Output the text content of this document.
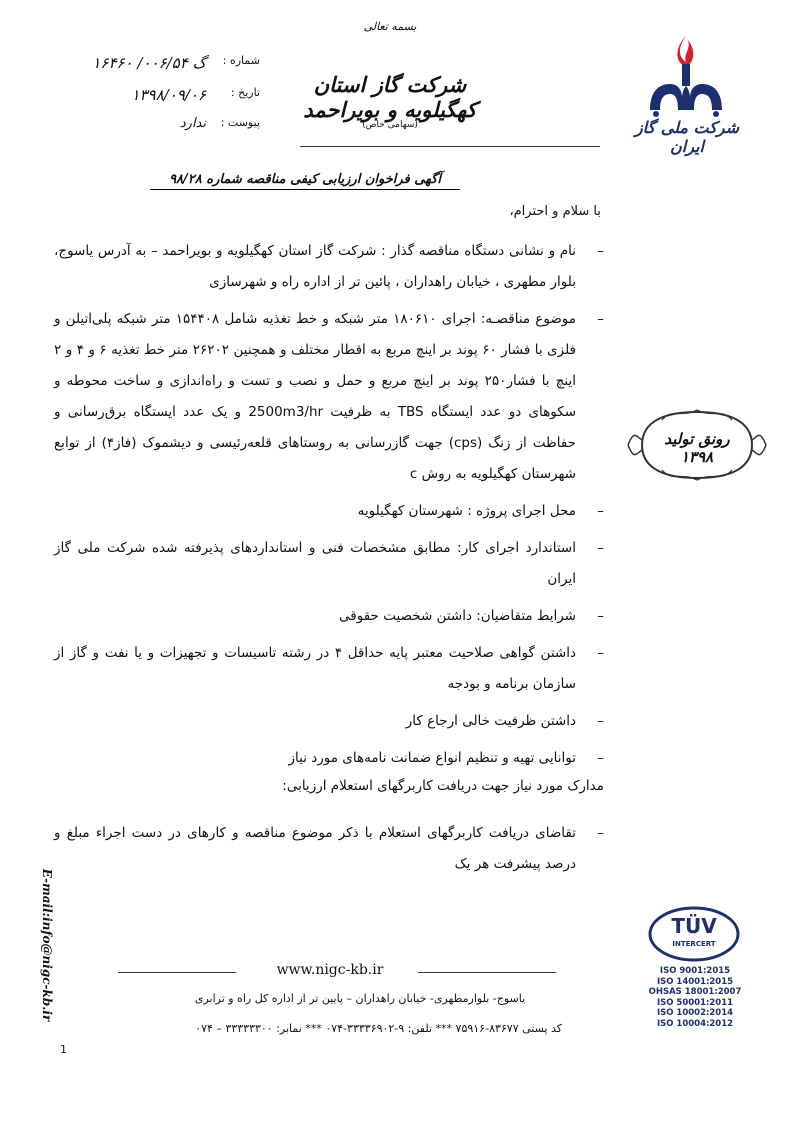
بسمه تعالی
شرکت گاز استان کهگیلویه و بویراحمد
(سهامی خاص)
شماره :
گ ۰۰۶/۵۴/ ۱۶۴۶۰
تاریخ :
۱۳۹۸/۰۹/۰۶
پیوست :
ندارد	شرکت ملی گاز ایران
آگهی فراخوان ارزیابی کیفی مناقصه شماره ۹۸/۲۸
با سلام و احترام،
–
نام و نشانی دستگاه مناقصه گذار : شرکت گاز استان کهگیلویه و بویراحمد – به آدرس یاسوج، بلوار مطهری ، خیابان راهداران ، پائین تر از اداره راه و شهرسازی
–
موضوع مناقصـه: اجرای ۱۸۰۶۱۰ متر شبکه و خط تغذیه شامل ۱۵۴۴۰۸ متر شبکه پلی‌اتیلن و فلزی با فشار ۶۰ پوند بر اینچ مربع به اقطار مختلف و همچنین ۲۶۲۰۲ متر خط تغذیه ۶ و ۴ و ۲ اینچ با فشار۲۵۰ پوند بر اینچ مربع و حمل و نصب و تست و راه‌اندازی و ساخت محوطه و سکوهای دو عدد ایستگاه TBS به ظرفیت 2500m3/hr و یک عدد ایستگاه برق‌رسانی و حفاظت از زنگ (cps) جهت گازرسانی به روستاهای قلعه‌رئیسی و دیشموک (فاز۴) از توابع شهرستان کهگیلویه به روش c
–
محل اجرای پروژه : شهرستان کهگیلویه
–
استاندارد اجرای کار: مطابق مشخصات فنی و استانداردهای پذیرفته شده شرکت ملی گاز ایران
–
شرایط متقاضیان: داشتن شخصیت حقوقی
–
داشتن گواهی صلاحیت معتبر پایه حداقل ۴ در رشته تاسیسات و تجهیزات و یا نفت و گاز از سازمان برنامه و بودجه
–
داشتن ظرفیت خالی ارجاع کار
–
توانایی تهیه و تنظیم انواع ضمانت نامه‌های مورد نیاز
مدارک مورد نیاز جهت دریافت کاربرگهای استعلام ارزیابی:
–
تقاضای دریافت کاربرگهای استعلام با ذکر موضوع مناقصه و کارهای در دست اجراء مبلغ و درصد پیشرفت هر یک
رونق تولید ۱۳۹۸
E-mail:info@nigc-kb.ir	www.nigc-kb.ir
یاسوج- بلوارمطهری- خیابان راهداران – پایین تر از اداره کل راه و ترابری
کد پستی ۸۳۶۷۷-۷۵۹۱۶ *** تلفن: ۹-۳۳۳۳۶۹۰۲-۰۷۴ *** نمابر: ۳۳۳۳۳۳۰۰ – ۰۷۴
TÜV
INTERCERT
ISO 9001:2015
ISO 14001:2015
OHSAS 18001:2007
ISO 50001:2011
ISO 10002:2014
ISO 10004:2012
1
